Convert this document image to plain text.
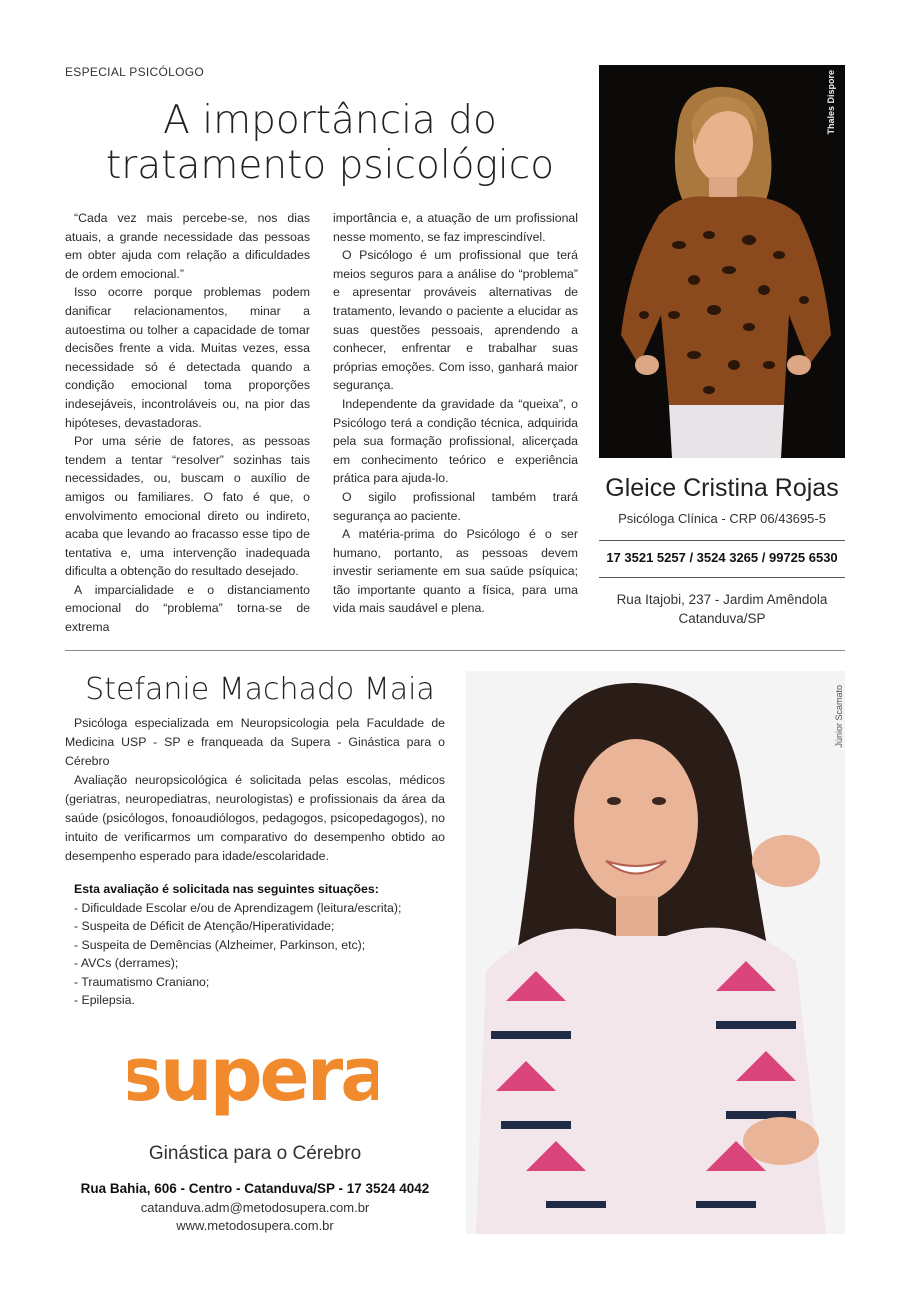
ESPECIAL PSICÓLOGO
A importância do
tratamento psicológico

“Cada vez mais percebe-se, nos dias atuais, a grande necessidade das pessoas em obter ajuda com relação a dificuldades de ordem emocional.”

Isso ocorre porque problemas podem danificar relacionamentos, minar a autoestima ou tolher a capacidade de tomar decisões frente a vida. Muitas vezes, essa necessidade só é detectada quando a condição emocional toma proporções indesejáveis, incontroláveis ou, na pior das hipóteses, devastadoras.

Por uma série de fatores, as pessoas tendem a tentar “resolver” sozinhas tais necessidades, ou, buscam o auxílio de amigos ou familiares. O fato é que, o envolvimento emocional direto ou indireto, acaba que levando ao fracasso esse tipo de tentativa e, uma intervenção inadequada dificulta a obtenção do resultado desejado.

A imparcialidade e o distanciamento emocional do “problema” torna-se de extrema

importância e, a atuação de um profissional nesse momento, se faz imprescindível.

O Psicólogo é um profissional que terá meios seguros para a análise do “problema” e apresentar prováveis alternativas de tratamento, levando o paciente a elucidar as suas questões pessoais, aprendendo a conhecer, enfrentar e trabalhar suas próprias emoções. Com isso, ganhará maior segurança.

Independente da gravidade da “queixa”, o Psicólogo terá a condição técnica, adquirida pela sua formação profissional, alicerçada em conhecimento teórico e experiência prática para ajuda-lo.

O sigilo profissional também trará segurança ao paciente.

A matéria-prima do Psicólogo é o ser humano, portanto, as pessoas devem investir seriamente em sua saúde psíquica; tão importante quanto a física, para uma vida mais saudável e plena.

Thales Dispore
Gleice Cristina Rojas
Psicóloga Clínica - CRP 06/43695-5
17 3521 5257 / 3524 3265 / 99725 6530
Rua Itajobi, 237 - Jardim Amêndola
Catanduva/SP
Stefanie Machado Maia

Psicóloga especializada em Neuropsicologia pela Faculdade de Medicina USP - SP e franqueada da Supera - Ginástica para o Cérebro

Avaliação neuropsicológica é solicitada pelas escolas, médicos (geriatras, neuropediatras, neurologistas) e profissionais da área da saúde (psicólogos, fonoaudiólogos, pedagogos, psicopedagogos), no intuito de verificarmos um comparativo do desempenho obtido ao desempenho esperado para idade/escolaridade.

Esta avaliação é solicitada nas seguintes situações:
- Dificuldade Escolar e/ou de Aprendizagem (leitura/escrita);
- Suspeita de Déficit de Atenção/Hiperatividade;
- Suspeita de Demências (Alzheimer, Parkinson, etc);
- AVCs (derrames);
- Traumatismo Craniano;
- Epilepsia.
Júnior Scamato
supera
Ginástica para o Cérebro
Rua Bahia, 606 - Centro - Catanduva/SP - 17 3524 4042
catanduva.adm@metodosupera.com.br
www.metodosupera.com.br
